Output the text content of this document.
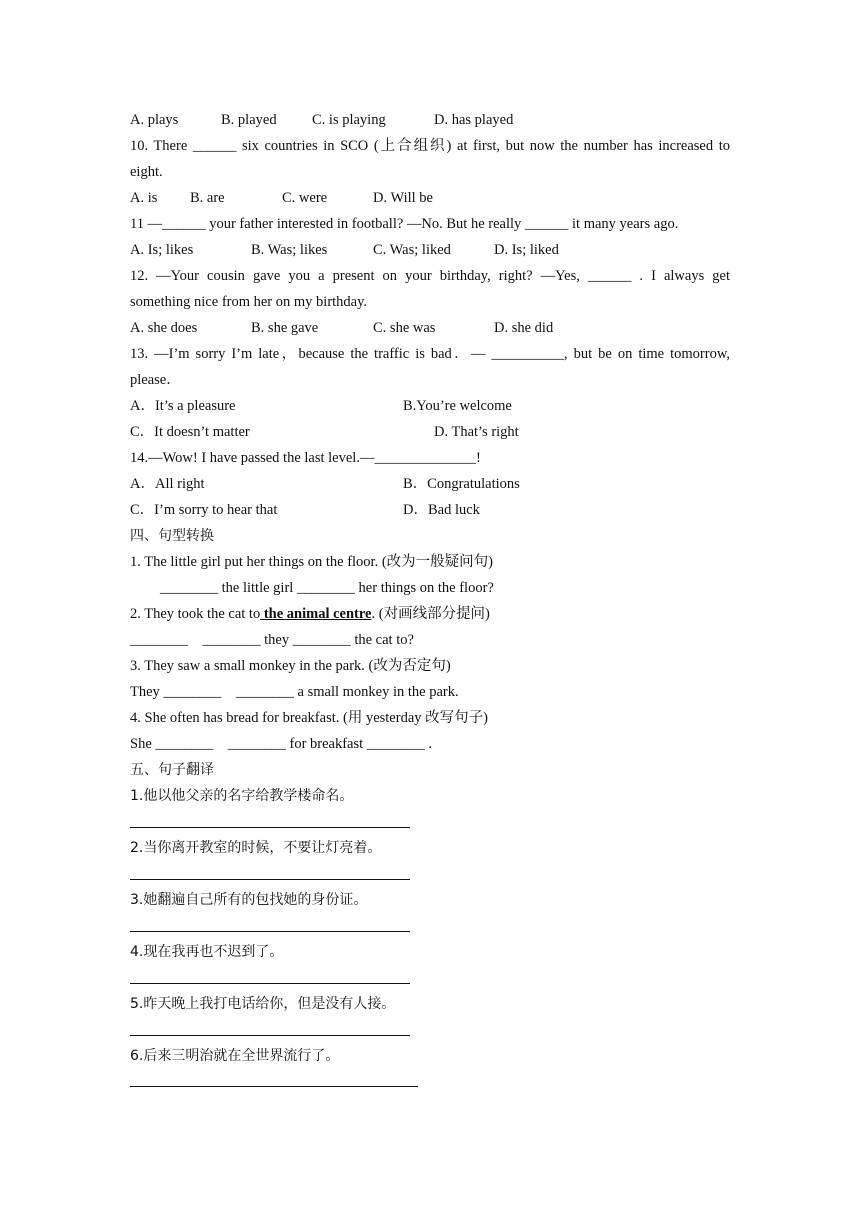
A. plays	B. played C. is playing	D. has played
10. There ______ six countries in SCO (上合组织) at first, but now the number has increased to
eight.
A. is B. are	C. were	D. Will be
11 —______ your father interested in football? —No. But he really ______ it many years ago.
A. Is; likes	B. Was; likes	C. Was; liked	D. Is; liked
12. —Your cousin gave you a present on your birthday, right? —Yes, ______ . I always get
something nice from her on my birthday.
A. she does	B. she gave	C. she was	D. she did
13. —I’m sorry I’m late，because the traffic is bad．— __________, but be on time tomorrow,
please．
A．It’s a pleasure	B.You’re welcome
C．It doesn’t matter	D. That’s right
14.—Wow! I have passed the last level.—______________!
A．All right	B．Congratulations
C．I’m sorry to hear that	D．Bad luck
四、句型转换
1. The little girl put her things on the floor. (改为一般疑问句)
________ the little girl ________ her things on the floor?
2. They took the cat to the animal centre. (对画线部分提问)
________    ________ they ________ the cat to?
3. They saw a small monkey in the park. (改为否定句)
They ________    ________ a small monkey in the park.
4. She often has bread for breakfast. (用 yesterday 改写句子)
She ________    ________ for breakfast ________ .
五、句子翻译
1.他以他父亲的名字给教学楼命名。
2.当你离开教室的时候，不要让灯亮着。
3.她翻遍自己所有的包找她的身份证。
4.现在我再也不迟到了。
5.昨天晚上我打电话给你，但是没有人接。
6.后来三明治就在全世界流行了。
